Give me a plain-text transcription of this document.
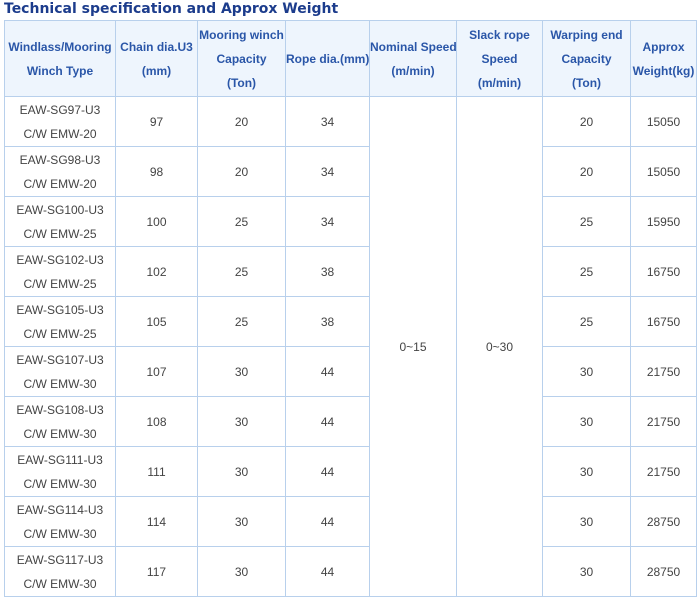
Technical specification and Approx Weight
Windlass/Mooring
Winch Type	Chain dia.U3
(mm)	Mooring winch
Capacity
(Ton)	Rope dia.(mm)	Nominal Speed
(m/min)	Slack rope
Speed
(m/min)	Warping end
Capacity
(Ton)	Approx
Weight(kg)

EAW-SG97-U3
C/W EMW-20	97	20	34	0~15	0~30	20	15050

EAW-SG98-U3
C/W EMW-20	98	20	34			20	15050

EAW-SG100-U3
C/W EMW-25	100	25	34			25	15950

EAW-SG102-U3
C/W EMW-25	102	25	38			25	16750

EAW-SG105-U3
C/W EMW-25	105	25	38			25	16750

EAW-SG107-U3
C/W EMW-30	107	30	44			30	21750

EAW-SG108-U3
C/W EMW-30	108	30	44			30	21750

EAW-SG111-U3
C/W EMW-30	111	30	44			30	21750

EAW-SG114-U3
C/W EMW-30	114	30	44			30	28750

EAW-SG117-U3
C/W EMW-30	117	30	44			30	28750
